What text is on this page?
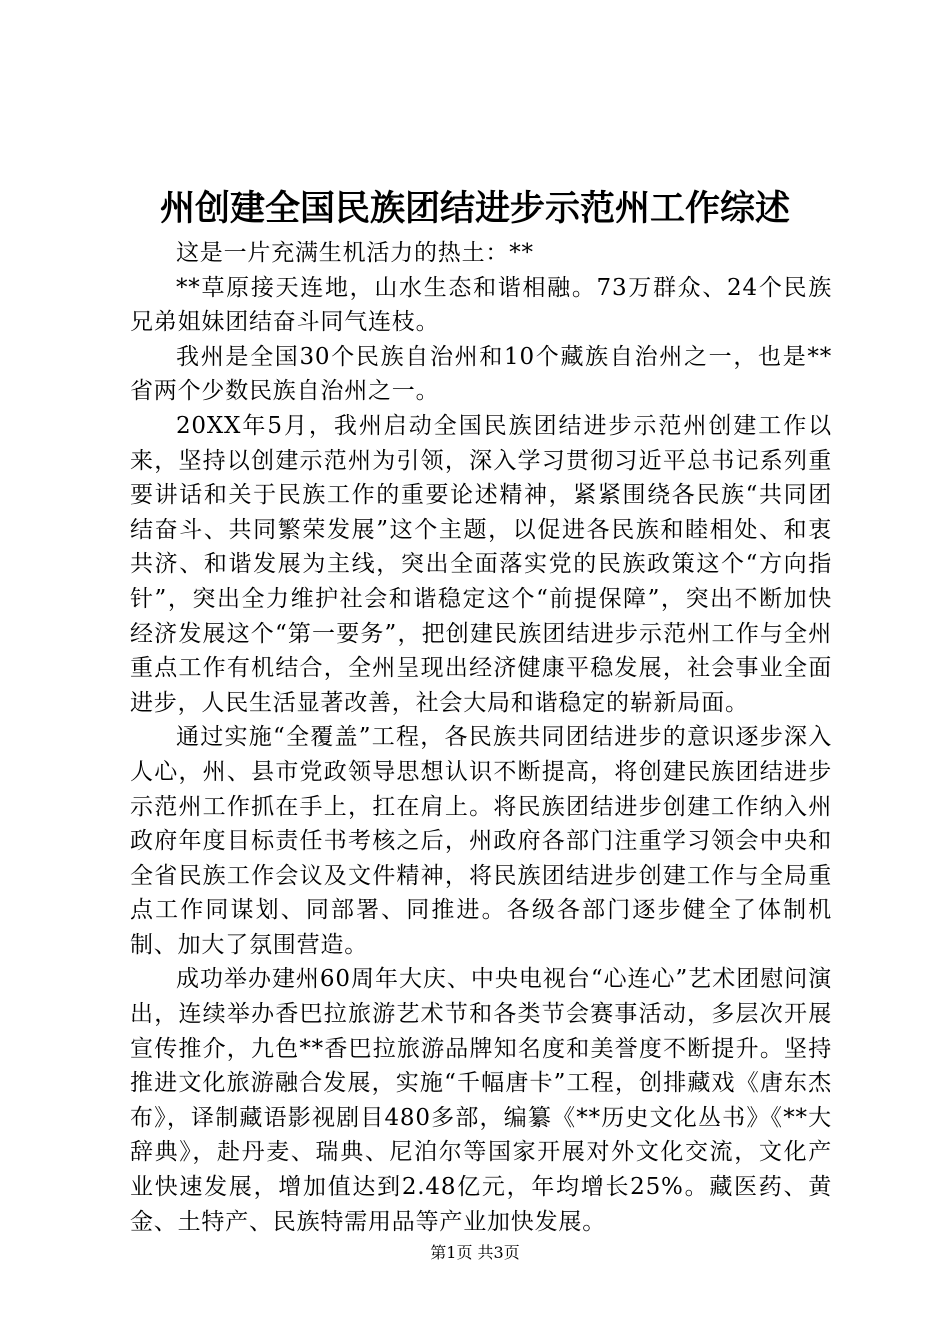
州创建全国民族团结进步示范州工作综述

这是一片充满生机活力的热土：**

**草原接天连地，山水生态和谐相融。73万群众、24个民族兄弟姐妹团结奋斗同气连枝。

我州是全国30个民族自治州和10个藏族自治州之一，也是**省两个少数民族自治州之一。

20XX年5月，我州启动全国民族团结进步示范州创建工作以来，坚持以创建示范州为引领，深入学习贯彻习近平总书记系列重要讲话和关于民族工作的重要论述精神，紧紧围绕各民族“共同团结奋斗、共同繁荣发展”这个主题，以促进各民族和睦相处、和衷共济、和谐发展为主线，突出全面落实党的民族政策这个“方向指针”，突出全力维护社会和谐稳定这个“前提保障”，突出不断加快经济发展这个“第一要务”，把创建民族团结进步示范州工作与全州重点工作有机结合，全州呈现出经济健康平稳发展，社会事业全面进步，人民生活显著改善，社会大局和谐稳定的崭新局面。

通过实施“全覆盖”工程，各民族共同团结进步的意识逐步深入人心，州、县市党政领导思想认识不断提高，将创建民族团结进步示范州工作抓在手上，扛在肩上。将民族团结进步创建工作纳入州政府年度目标责任书考核之后，州政府各部门注重学习领会中央和全省民族工作会议及文件精神，将民族团结进步创建工作与全局重点工作同谋划、同部署、同推进。各级各部门逐步健全了体制机制、加大了氛围营造。

成功举办建州60周年大庆、中央电视台“心连心”艺术团慰问演出，连续举办香巴拉旅游艺术节和各类节会赛事活动，多层次开展宣传推介，九色**香巴拉旅游品牌知名度和美誉度不断提升。坚持推进文化旅游融合发展，实施“千幅唐卡”工程，创排藏戏《唐东杰布》，译制藏语影视剧目480多部，编纂《**历史文化丛书》《**大辞典》，赴丹麦、瑞典、尼泊尔等国家开展对外文化交流，文化产业快速发展，增加值达到2.48亿元，年均增长25%。藏医药、黄金、土特产、民族特需用品等产业加快发展。

第1页 共3页
